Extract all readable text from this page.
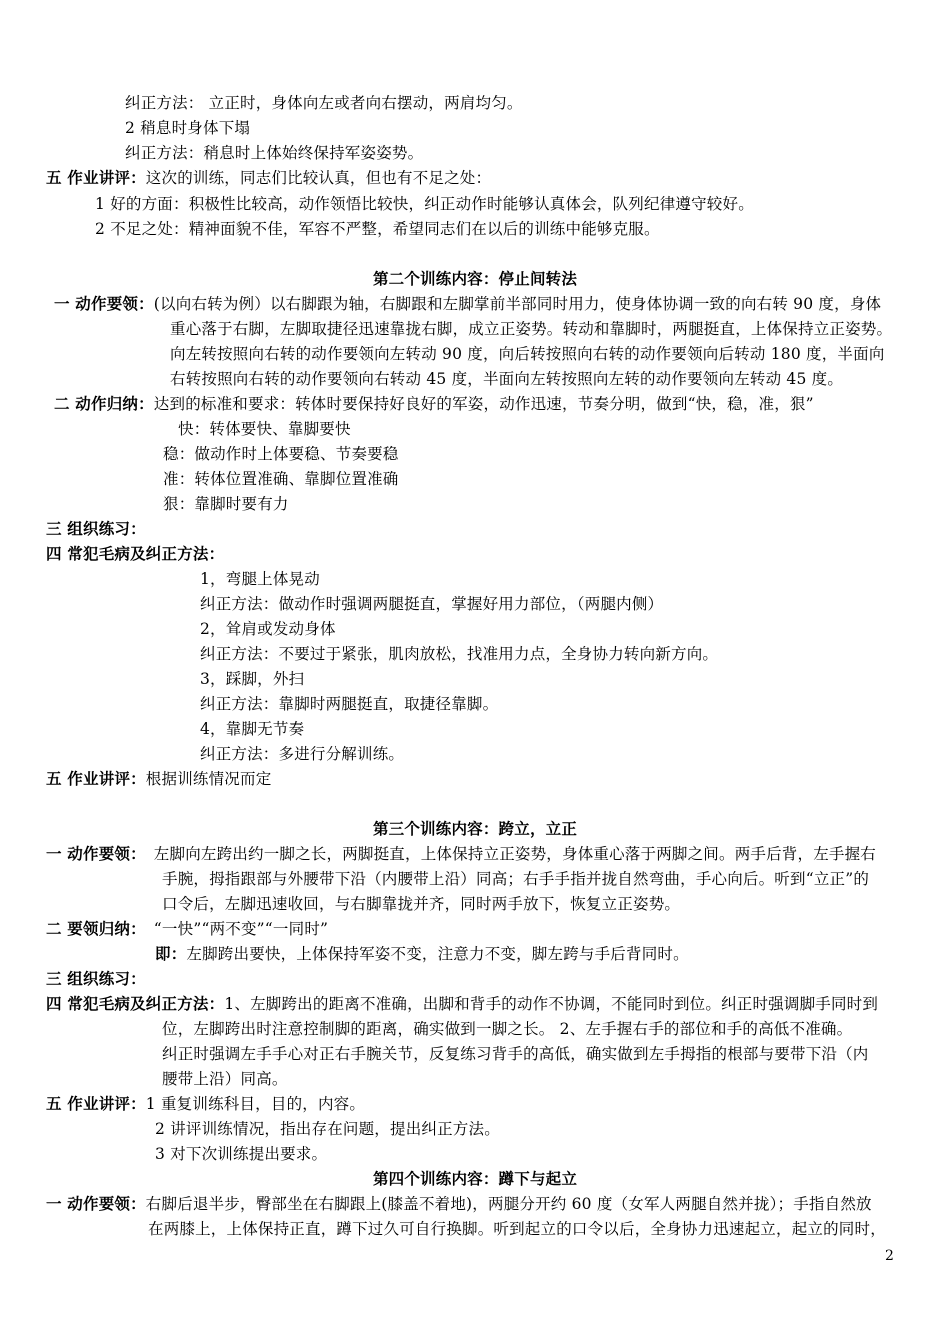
纠正方法： 立正时，身体向左或者向右摆动，两肩均匀。
2 稍息时身体下塌
纠正方法：稍息时上体始终保持军姿姿势。
五 作业讲评：这次的训练，同志们比较认真，但也有不足之处：
1 好的方面：积极性比较高，动作领悟比较快，纠正动作时能够认真体会，队列纪律遵守较好。
2 不足之处：精神面貌不佳，军容不严整，希望同志们在以后的训练中能够克服。
第二个训练内容：停止间转法
一 动作要领：(以向右转为例）以右脚跟为轴，右脚跟和左脚掌前半部同时用力，使身体协调一致的向右转 90 度，身体
重心落于右脚，左脚取捷径迅速靠拢右脚，成立正姿势。转动和靠脚时，两腿挺直，上体保持立正姿势。
向左转按照向右转的动作要领向左转动 90 度，向后转按照向右转的动作要领向后转动 180 度，半面向
右转按照向右转的动作要领向右转动 45 度，半面向左转按照向左转的动作要领向左转动 45 度。
二 动作归纳：达到的标准和要求：转体时要保持好良好的军姿，动作迅速，节奏分明，做到“快，稳，准，狠”
快：转体要快、靠脚要快
稳：做动作时上体要稳、节奏要稳
准：转体位置准确、靠脚位置准确
狠：靠脚时要有力
三 组织练习：
四 常犯毛病及纠正方法：
1，弯腿上体晃动
纠正方法：做动作时强调两腿挺直，掌握好用力部位，（两腿内侧）
2，耸肩或发动身体
纠正方法：不要过于紧张，肌肉放松，找准用力点，全身协力转向新方向。
3，踩脚，外扫
纠正方法：靠脚时两腿挺直，取捷径靠脚。
4，靠脚无节奏
纠正方法：多进行分解训练。
五 作业讲评：根据训练情况而定
第三个训练内容：跨立，立正
一 动作要领： 左脚向左跨出约一脚之长，两脚挺直，上体保持立正姿势，身体重心落于两脚之间。两手后背，左手握右
手腕，拇指跟部与外腰带下沿（内腰带上沿）同高；右手手指并拢自然弯曲，手心向后。听到“立正”的
口令后，左脚迅速收回，与右脚靠拢并齐，同时两手放下，恢复立正姿势。
二 要领归纳： “一快”“两不变”“一同时”
即：左脚跨出要快，上体保持军姿不变，注意力不变，脚左跨与手后背同时。
三 组织练习：
四 常犯毛病及纠正方法：1、左脚跨出的距离不准确，出脚和背手的动作不协调，不能同时到位。纠正时强调脚手同时到
位，左脚跨出时注意控制脚的距离，确实做到一脚之长。 2、左手握右手的部位和手的高低不准确。
纠正时强调左手手心对正右手腕关节，反复练习背手的高低，确实做到左手拇指的根部与要带下沿（内
腰带上沿）同高。
五 作业讲评：1 重复训练科目，目的，内容。
2 讲评训练情况，指出存在问题，提出纠正方法。
3 对下次训练提出要求。
第四个训练内容：蹲下与起立
一 动作要领：右脚后退半步，臀部坐在右脚跟上(膝盖不着地)，两腿分开约 60 度（女军人两腿自然并拢）；手指自然放
在两膝上，上体保持正直，蹲下过久可自行换脚。听到起立的口令以后，全身协力迅速起立，起立的同时，
2
